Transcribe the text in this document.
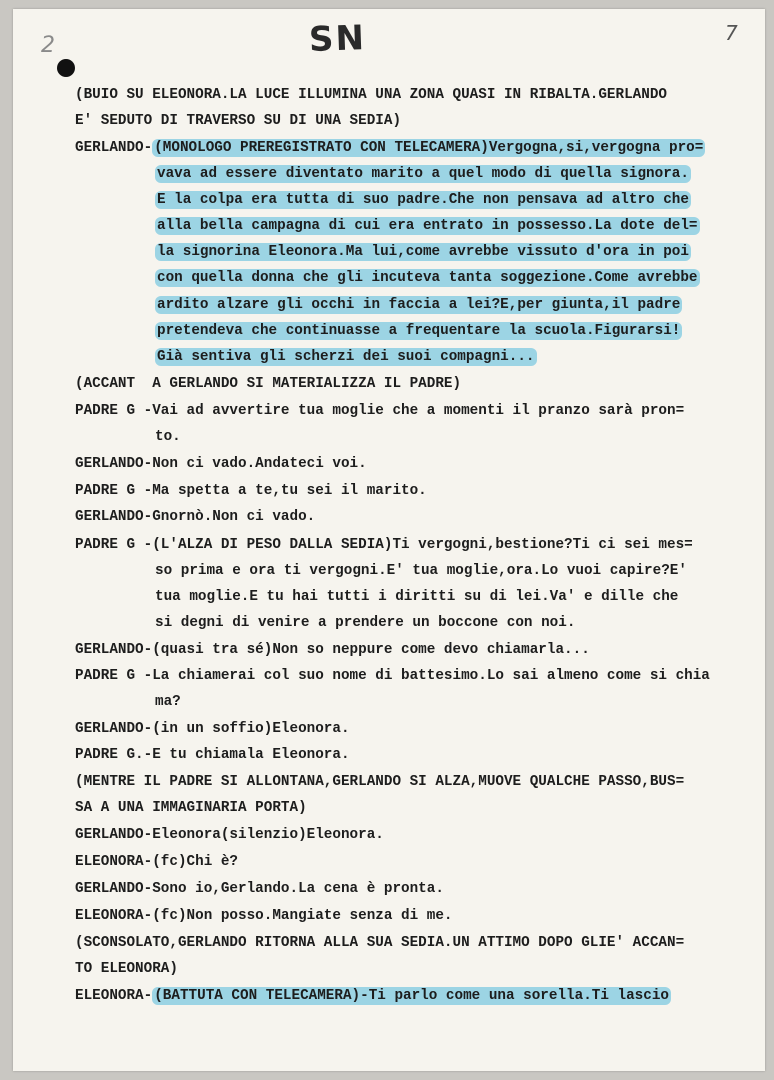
SN
2	7
(BUIO SU ELEONORA.LA LUCE ILLUMINA UNA ZONA QUASI IN RIBALTA.GERLANDO
E' SEDUTO DI TRAVERSO SU DI UNA SEDIA)
GERLANDO- (MONOLOGO PREREGISTRATO CON TELECAMERA)Vergogna,si,vergogna pro=
vava ad essere diventato marito a quel modo di quella signora.
E la colpa era tutta di suo padre.Che non pensava ad altro che
alla bella campagna di cui era entrato in possesso.La dote del=
la signorina Eleonora.Ma lui,come avrebbe vissuto d'ora in poi
con quella donna che gli incuteva tanta soggezione.Come avrebbe
ardito alzare gli occhi in faccia a lei?E,per giunta,il padre
pretendeva che continuasse a frequentare la scuola.Figurarsi!
Già sentiva gli scherzi dei suoi compagni...
(ACCANT  A GERLANDO SI MATERIALIZZA IL PADRE)
PADRE G -Vai ad avvertire tua moglie che a momenti il pranzo sarà pron=
to.
GERLANDO-Non ci vado.Andateci voi.
PADRE G -Ma spetta a te,tu sei il marito.
GERLANDO-Gnornò.Non ci vado.
PADRE G -(L'ALZA DI PESO DALLA SEDIA)Ti vergogni,bestione?Ti ci sei mes=
so prima e ora ti vergogni.E' tua moglie,ora.Lo vuoi capire?E'
tua moglie.E tu hai tutti i diritti su di lei.Va' e dille che
si degni di venire a prendere un boccone con noi.
GERLANDO-(quasi tra sé)Non so neppure come devo chiamarla...
PADRE G -La chiamerai col suo nome di battesimo.Lo sai almeno come si chia
ma?
GERLANDO-(in un soffio)Eleonora.
PADRE G.-E tu chiamala Eleonora.
(MENTRE IL PADRE SI ALLONTANA,GERLANDO SI ALZA,MUOVE QUALCHE PASSO,BUS=
SA A UNA IMMAGINARIA PORTA)
GERLANDO-Eleonora(silenzio)Eleonora.
ELEONORA-(fc)Chi è?
GERLANDO-Sono io,Gerlando.La cena è pronta.
ELEONORA-(fc)Non posso.Mangiate senza di me.
(SCONSOLATO,GERLANDO RITORNA ALLA SUA SEDIA.UN ATTIMO DOPO GLIE' ACCAN=
TO ELEONORA)
ELEONORA- (BATTUTA CON TELECAMERA)-Ti parlo come una sorella.Ti lascio
